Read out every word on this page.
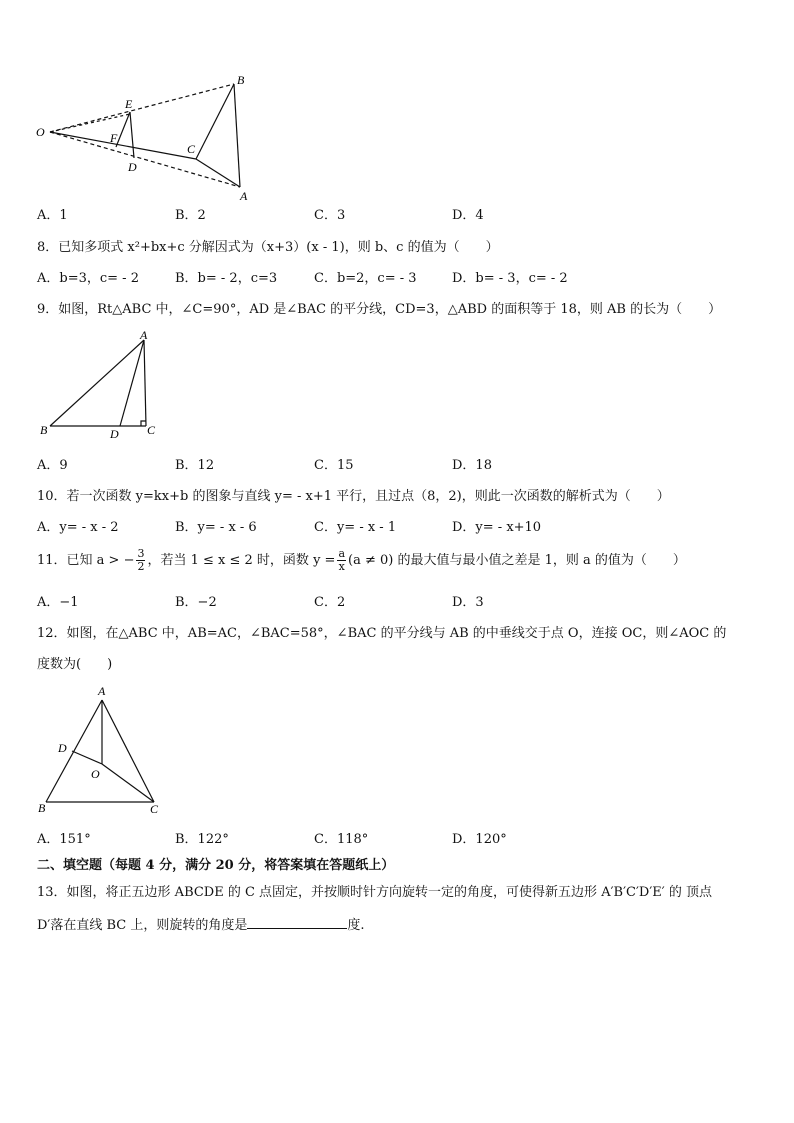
O
E
F
D
C
B
A
A．1	B．2	C．3	D．4
8．已知多项式 x²+bx+c 分解因式为（x+3）(x - 1)，则 b、c 的值为（　　）
A．b=3，c= - 2	B．b= - 2，c=3	C．b=2，c= - 3	D．b= - 3，c= - 2
9．如图，Rt△ABC 中，∠C=90°，AD 是∠BAC 的平分线，CD=3，△ABD 的面积等于 18，则 AB 的长为（　　）
A
B	D C
A．9	B．12	C．15	D．18
10．若一次函数 y=kx+b 的图象与直线 y= - x+1 平行，且过点（8，2)，则此一次函数的解析式为（　　）
A．y= - x - 2	B．y= - x - 6	C．y= - x - 1	D．y= - x+10
11．已知 a > − $\frac{3}{2}$ ，若当 1 ≤ x ≤ 2 时，函数 $y = \frac{a}{x} (a \ne 0)$ 的最大值与最小值之差是 1，则 a 的值为（　　）
A．−1	B．−2	C．2	D．3
12．如图，在△ABC 中，AB=AC，∠BAC=58°，∠BAC 的平分线与 AB 的中垂线交于点 O，连接 OC，则∠AOC 的
度数为(　　)
A
D
O
B	C
A．151°	B．122°	C．118°	D．120°
二、填空题（每题 4 分，满分 20 分，将答案填在答题纸上）
13．如图，将正五边形 ABCDE 的 C 点固定，并按顺时针方向旋转一定的角度，可使得新五边形 A′B′C′D′E′ 的 顶点
D′落在直线 BC 上，则旋转的角度是	度.
